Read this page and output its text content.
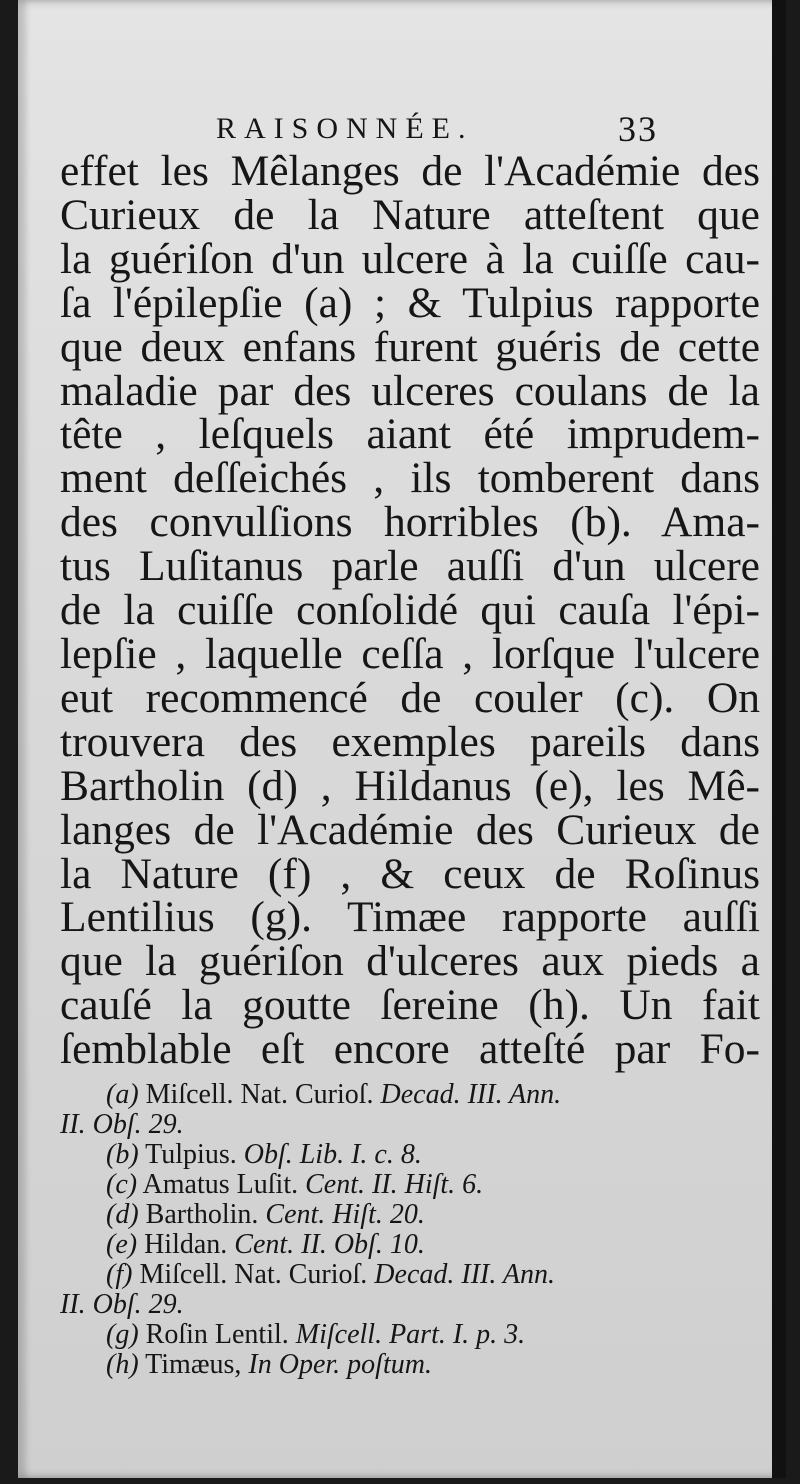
RAISONNÉE.	33
effet les Mêlanges de l'Académie des
Curieux de la Nature atteſtent que
la guériſon d'un ulcere à la cuiſſe cau-
ſa l'épilepſie (a) ; & Tulpius rapporte
que deux enfans furent guéris de cette
maladie par des ulceres coulans de la
tête , leſquels aiant été imprudem-
ment deſſeichés , ils tomberent dans
des convulſions horribles (b). Ama-
tus Luſitanus parle auſſi d'un ulcere
de la cuiſſe conſolidé qui cauſa l'épi-
lepſie , laquelle ceſſa , lorſque l'ulcere
eut recommencé de couler (c). On
trouvera des exemples pareils dans
Bartholin (d) , Hildanus (e), les Mê-
langes de l'Académie des Curieux de
la Nature (f) , & ceux de Roſinus
Lentilius (g). Timæe rapporte auſſi
que la guériſon d'ulceres aux pieds a
cauſé la goutte ſereine (h). Un fait
ſemblable eſt encore atteſté par Fo-
(a) Miſcell. Nat. Curioſ. Decad. III. Ann.
II. Obſ. 29.
(b) Tulpius. Obſ. Lib. I. c. 8.
(c) Amatus Luſit. Cent. II. Hiſt. 6.
(d) Bartholin. Cent. Hiſt. 20.
(e) Hildan. Cent. II. Obſ. 10.
(f) Miſcell. Nat. Curioſ. Decad. III. Ann.
II. Obſ. 29.
(g) Roſin Lentil. Miſcell. Part. I. p. 3.
(h) Timæus, In Oper. poſtum.
